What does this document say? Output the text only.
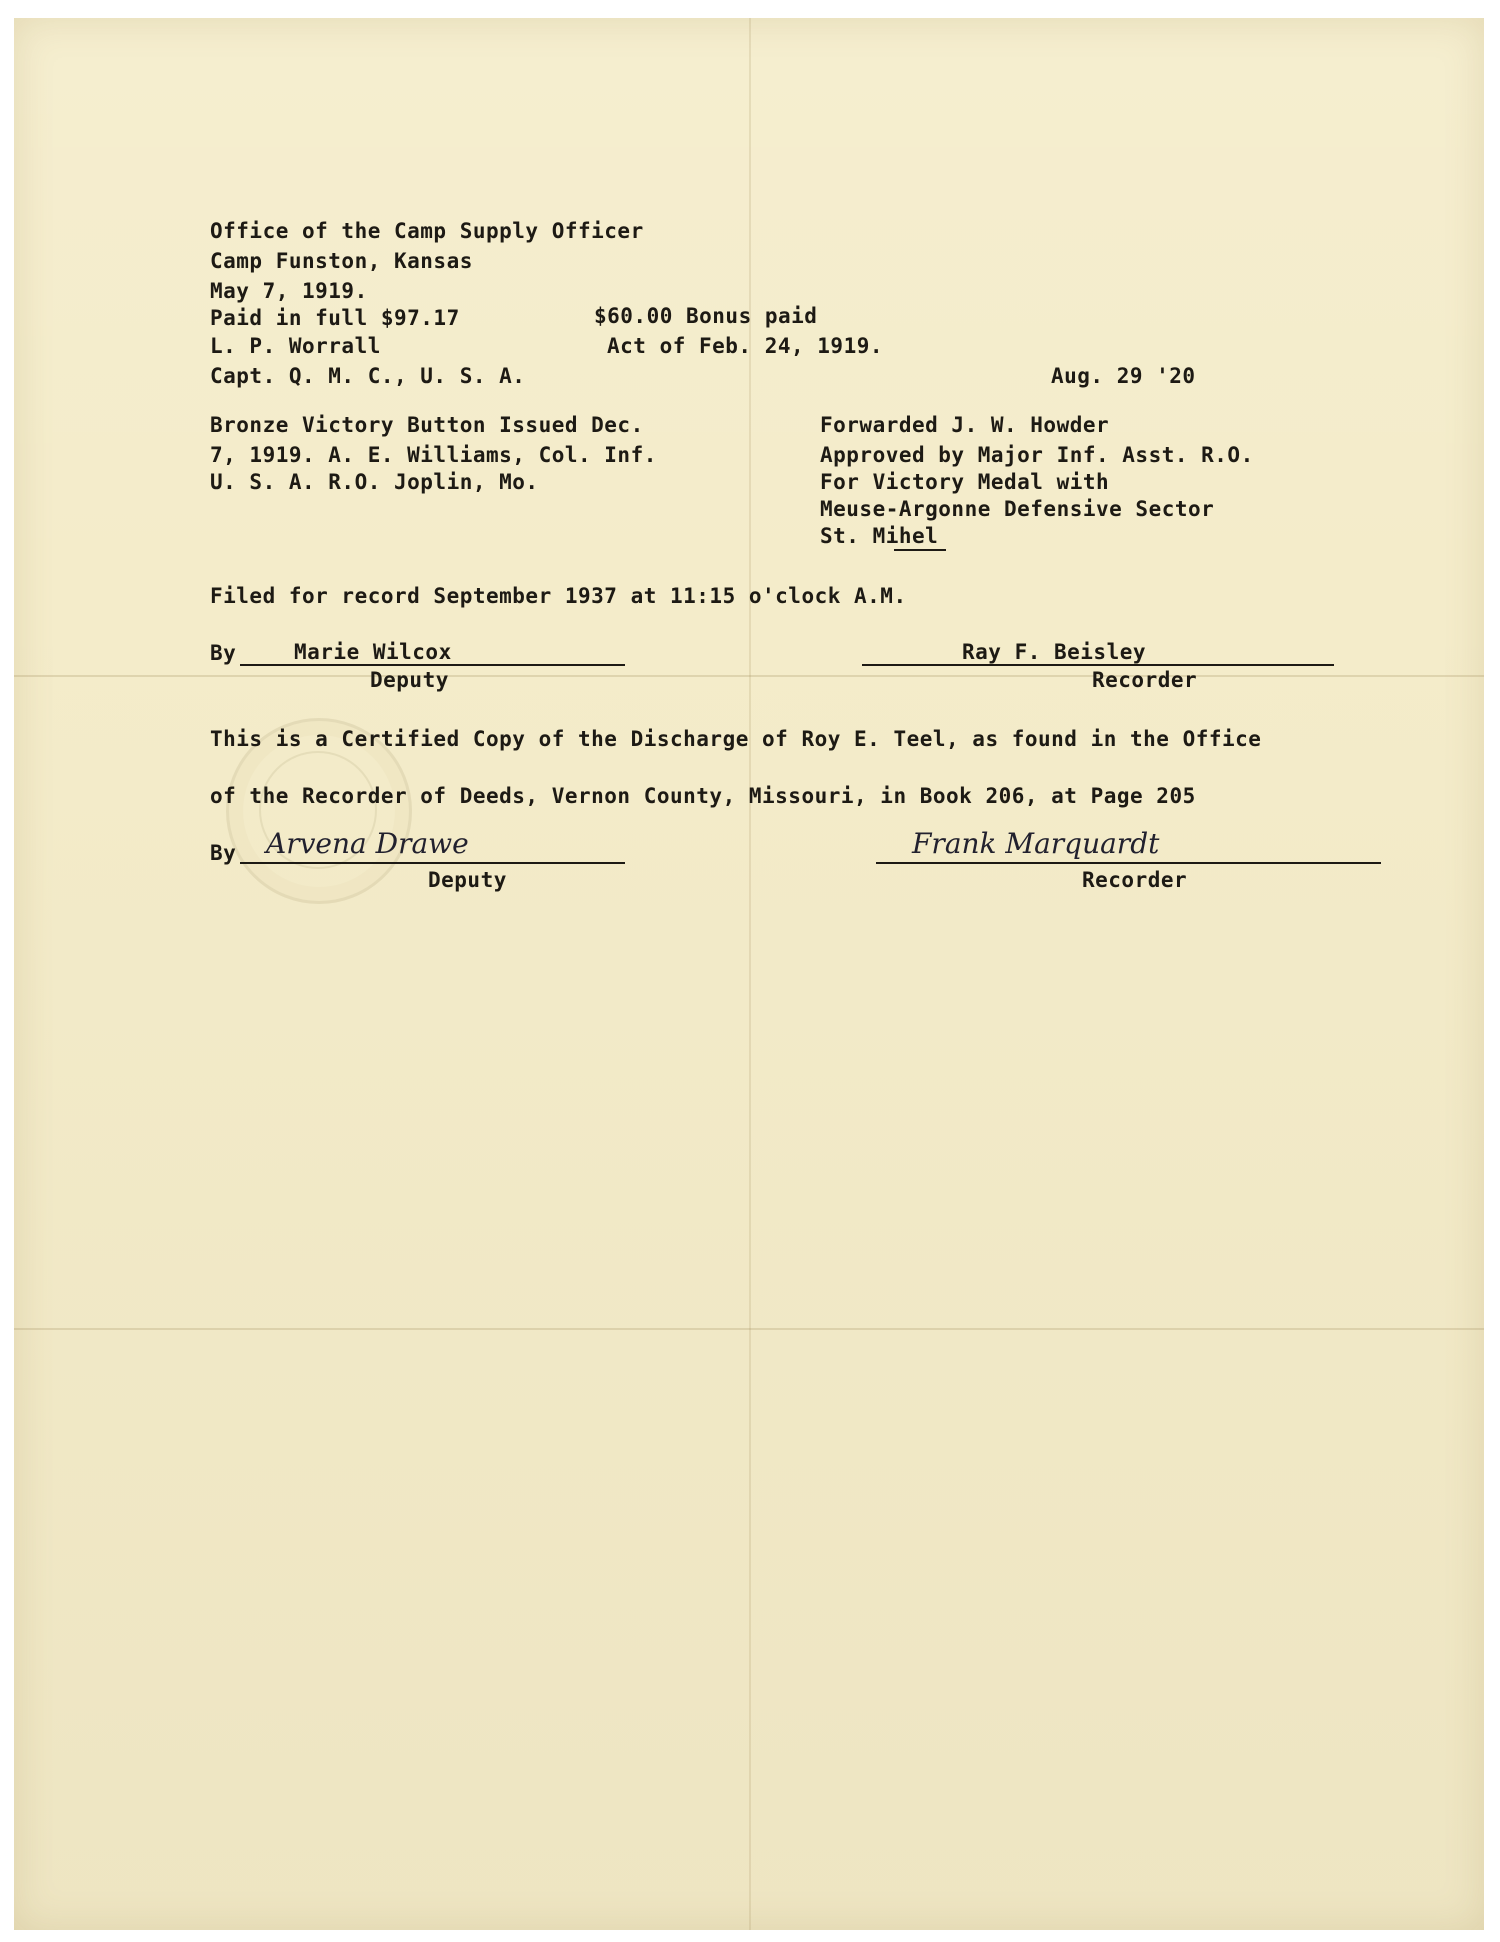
Office of the Camp Supply Officer
Camp Funston, Kansas
May 7, 1919.
Paid in full $97.17
L. P. Worrall
Capt. Q. M. C., U. S. A.
$60.00 Bonus paid
Act of Feb. 24, 1919.
Aug. 29 '20
Bronze Victory Button Issued Dec.
7, 1919. A. E. Williams, Col. Inf.
U. S. A. R.O. Joplin, Mo.
Forwarded J. W. Howder
Approved by Major Inf. Asst. R.O.
For Victory Medal with
Meuse-Argonne Defensive Sector
St. Mihel
Filed for record September 1937 at 11:15 o'clock A.M.
By	Marie Wilcox
Deputy
Ray F. Beisley
Recorder
This is a Certified Copy of the Discharge of Roy E. Teel, as found in the Office
of the Recorder of Deeds, Vernon County, Missouri, in Book 206, at Page 205
By Arvena Drawe
Deputy
Frank Marquardt
Recorder
